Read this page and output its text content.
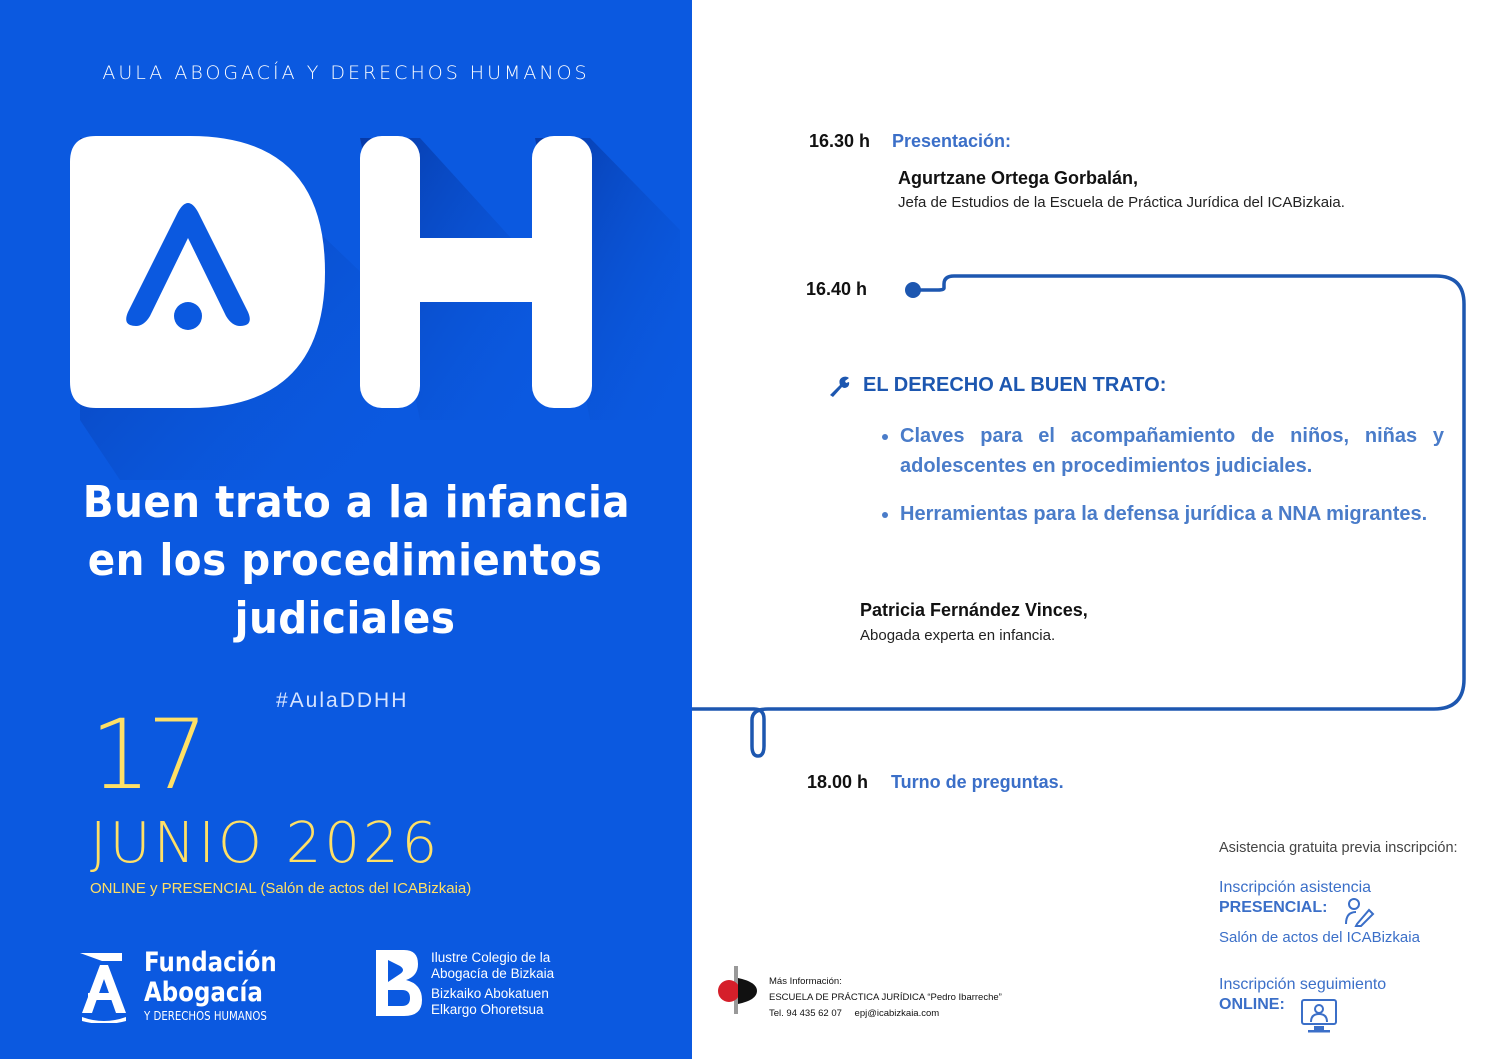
AULA ABOGACÍA Y DERECHOS HUMANOS
Buen trato a la infancia
en los procedimientos
judiciales
#AulaDDHH
17
JUNIO 2026
ONLINE y PRESENCIAL (Salón de actos del ICABizkaia)
Fundación
Abogacía
Y DERECHOS HUMANOS
Ilustre Colegio de la
Abogacía de Bizkaia
Bizkaiko Abokatuen
Elkargo Ohoretsua
16.30 h Presentación:
Agurtzane Ortega Gorbalán,
Jefa de Estudios de la Escuela de Práctica Jurídica del ICABizkaia.
16.40 h
EL DERECHO AL BUEN TRATO:
• Claves para el acompañamiento de niños, niñas y adolescentes en procedimientos judiciales.
• Herramientas para la defensa jurídica a NNA migrantes.
Patricia Fernández Vinces,
Abogada experta en infancia.
18.00 h Turno de preguntas.
Asistencia gratuita previa inscripción:
Inscripción asistencia
PRESENCIAL:
Salón de actos del ICABizkaia
Inscripción seguimiento
ONLINE:
Más Información:
ESCUELA DE PRÁCTICA JURÍDICA “Pedro Ibarreche”
Tel. 94 435 62 07 epj@icabizkaia.com
